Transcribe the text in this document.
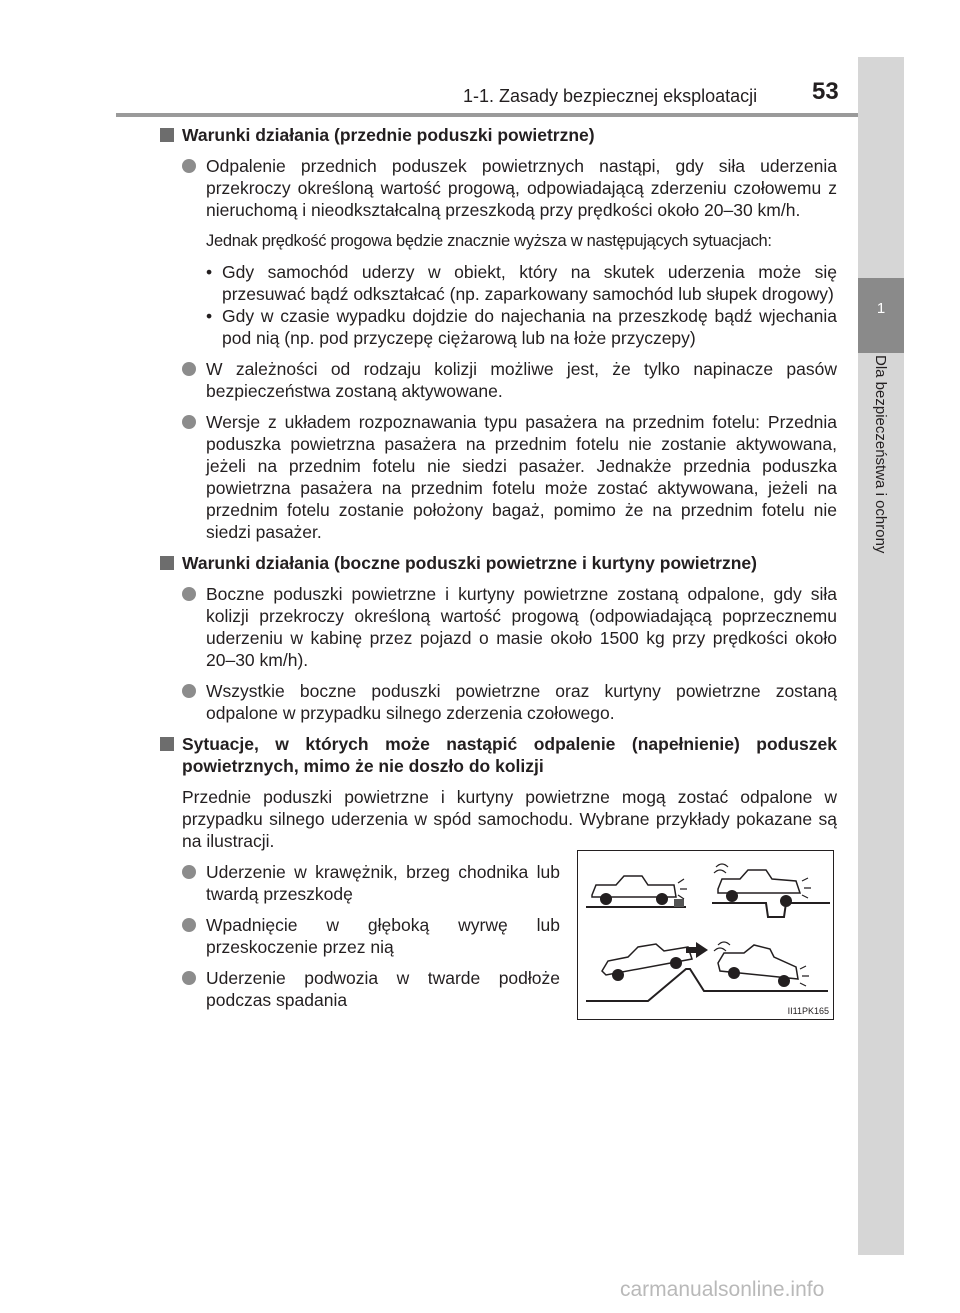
1-1. Zasady bezpiecznej eksploatacji 53
1
Dla bezpieczeństwa i ochrony
Warunki działania (przednie poduszki powietrzne)
Odpalenie przednich poduszek powietrznych nastąpi, gdy siła uderzenia przekroczy określoną wartość progową, odpowiadającą zderzeniu czołowemu z nieruchomą i nieodkształcalną przeszkodą przy prędkości około 20–30 km/h.
Jednak prędkość progowa będzie znacznie wyższa w następujących sytuacjach:
• Gdy samochód uderzy w obiekt, który na skutek uderzenia może się przesuwać bądź odkształcać (np. zaparkowany samochód lub słupek drogowy)
• Gdy w czasie wypadku dojdzie do najechania na przeszkodę bądź wjechania pod nią (np. pod przyczepę ciężarową lub na łoże przyczepy)
W zależności od rodzaju kolizji możliwe jest, że tylko napinacze pasów bezpieczeństwa zostaną aktywowane.
Wersje z układem rozpoznawania typu pasażera na przednim fotelu: Przednia poduszka powietrzna pasażera na przednim fotelu nie zostanie aktywowana, jeżeli na przednim fotelu nie siedzi pasażer. Jednakże przednia poduszka powietrzna pasażera na przednim fotelu może zostać aktywowana, jeżeli na przednim fotelu zostanie położony bagaż, pomimo że na przednim fotelu nie siedzi pasażer.
Warunki działania (boczne poduszki powietrzne i kurtyny powietrzne)
Boczne poduszki powietrzne i kurtyny powietrzne zostaną odpalone, gdy siła kolizji przekroczy określoną wartość progową (odpowiadającą poprzecznemu uderzeniu w kabinę przez pojazd o masie około 1500 kg przy prędkości około 20–30 km/h).
Wszystkie boczne poduszki powietrzne oraz kurtyny powietrzne zostaną odpalone w przypadku silnego zderzenia czołowego.
Sytuacje, w których może nastąpić odpalenie (napełnienie) poduszek powietrznych, mimo że nie doszło do kolizji
Przednie poduszki powietrzne i kurtyny powietrzne mogą zostać odpalone w przypadku silnego uderzenia w spód samochodu. Wybrane przykłady pokazane są na ilustracji.
Uderzenie w krawężnik, brzeg chodnika lub twardą przeszkodę
Wpadnięcie w głęboką wyrwę lub przeskoczenie przez nią
Uderzenie podwozia w twarde podłoże podczas spadania
II11PK165
carmanualsonline.info
